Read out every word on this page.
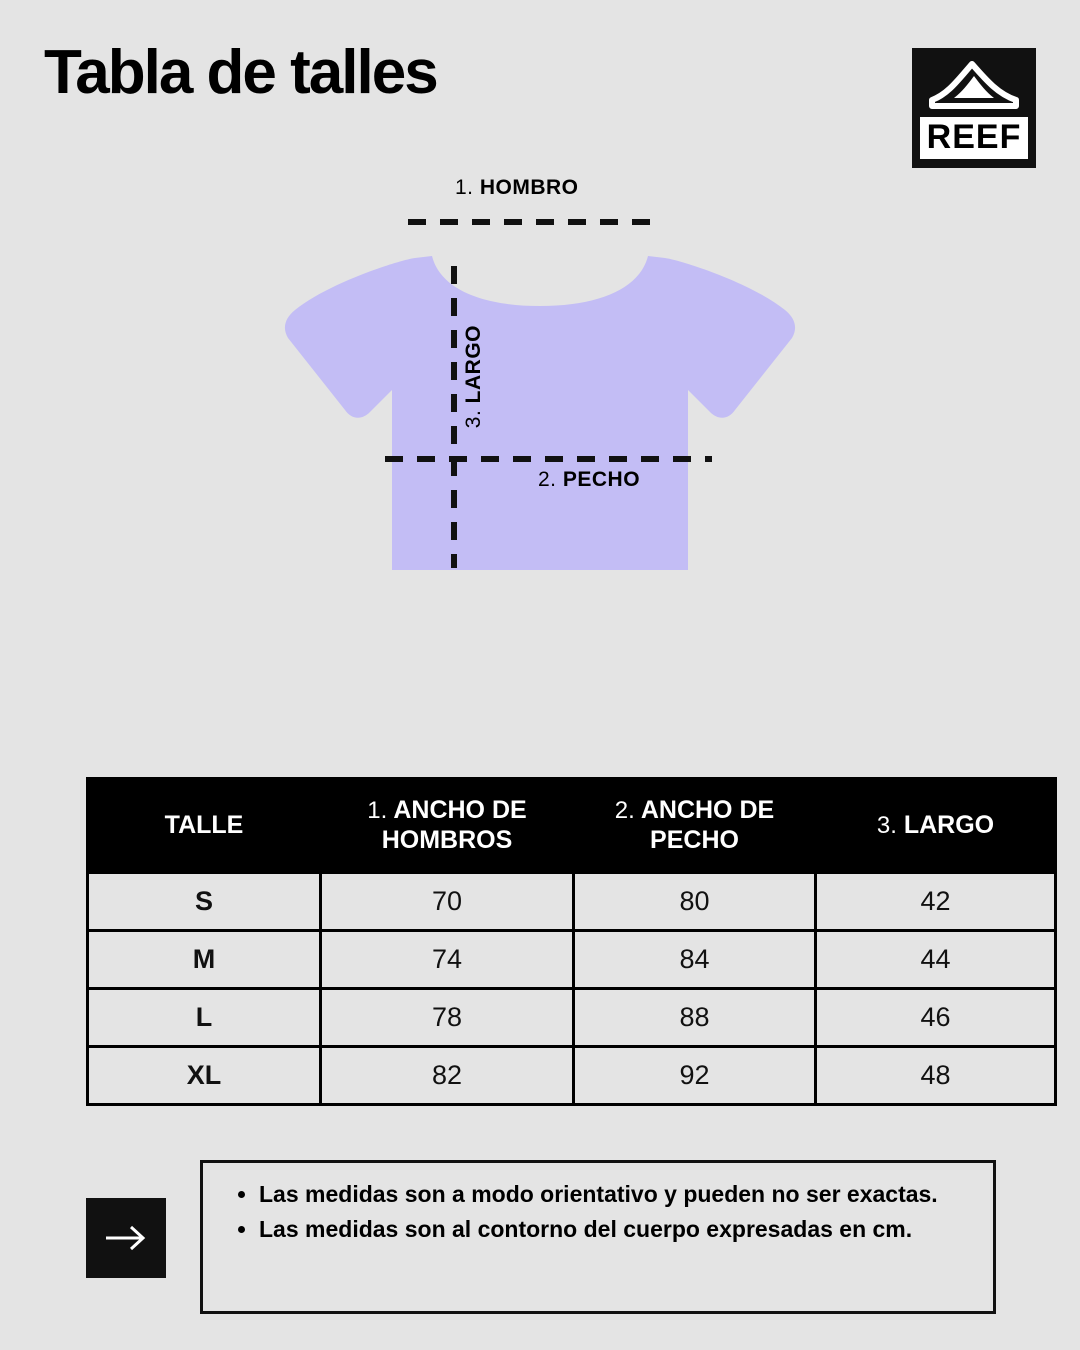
Tabla de talles
REEF
1. HOMBRO
2. PECHO
3. LARGO
TALLE	1. ANCHO DE HOMBROS	2. ANCHO DE PECHO	3. LARGO
S	70	80	42
M	74	84	44
L	78	88	46
XL	82	92	48
• Las medidas son a modo orientativo y pueden no ser exactas.
• Las medidas son al contorno del cuerpo expresadas en cm.
